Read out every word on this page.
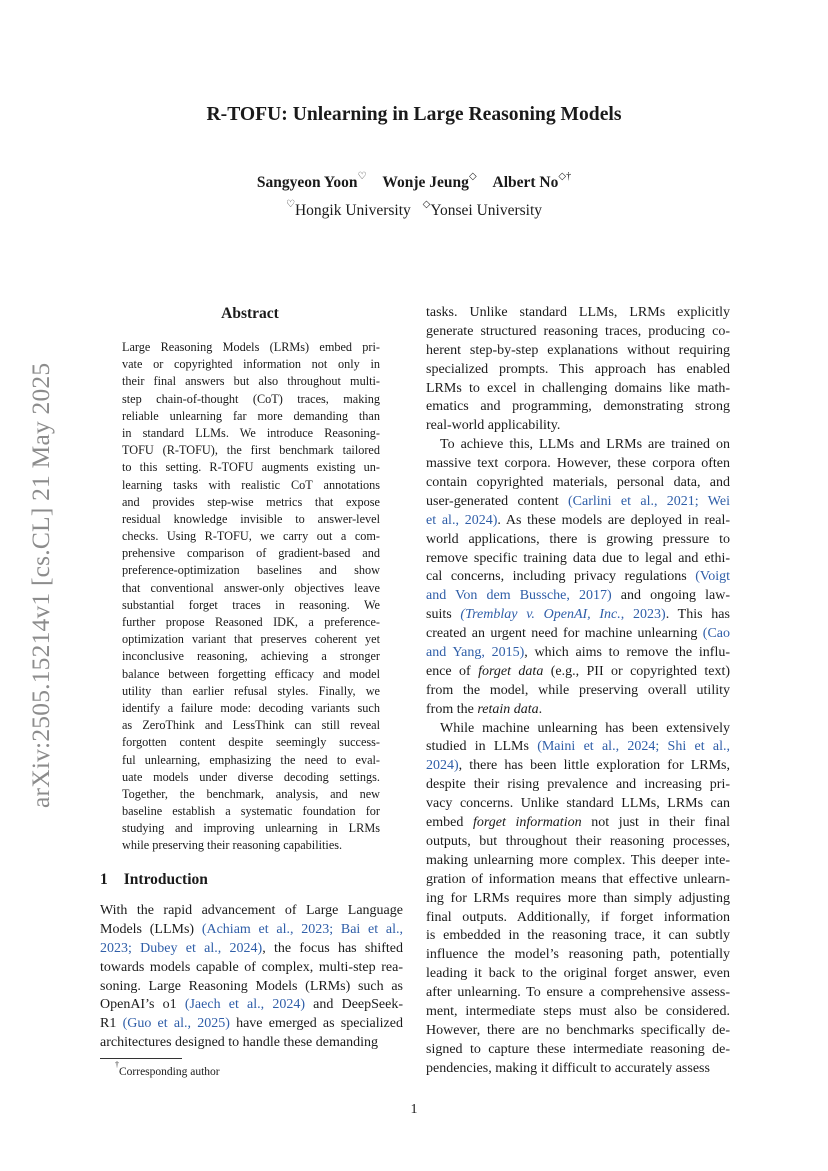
arXiv:2505.15214v1 [cs.CL] 21 May 2025
R-TOFU: Unlearning in Large Reasoning Models
Sangyeon Yoon♡ Wonje Jeung◇ Albert No◇†
♡Hongik University ◇Yonsei University
Abstract
Large Reasoning Models (LRMs) embed pri-
vate or copyrighted information not only in
their final answers but also throughout multi-
step chain-of-thought (CoT) traces, making
reliable unlearning far more demanding than
in standard LLMs. We introduce Reasoning-
TOFU (R-TOFU), the first benchmark tailored
to this setting. R-TOFU augments existing un-
learning tasks with realistic CoT annotations
and provides step-wise metrics that expose
residual knowledge invisible to answer-level
checks. Using R-TOFU, we carry out a com-
prehensive comparison of gradient-based and
preference-optimization baselines and show
that conventional answer-only objectives leave
substantial forget traces in reasoning. We
further propose Reasoned IDK, a preference-
optimization variant that preserves coherent yet
inconclusive reasoning, achieving a stronger
balance between forgetting efficacy and model
utility than earlier refusal styles. Finally, we
identify a failure mode: decoding variants such
as ZeroThink and LessThink can still reveal
forgotten content despite seemingly success-
ful unlearning, emphasizing the need to eval-
uate models under diverse decoding settings.
Together, the benchmark, analysis, and new
baseline establish a systematic foundation for
studying and improving unlearning in LRMs
while preserving their reasoning capabilities.
1 Introduction
With the rapid advancement of Large Language
Models (LLMs) (Achiam et al., 2023; Bai et al.,
2023; Dubey et al., 2024), the focus has shifted
towards models capable of complex, multi-step rea-
soning. Large Reasoning Models (LRMs) such as
OpenAI’s o1 (Jaech et al., 2024) and DeepSeek-
R1 (Guo et al., 2025) have emerged as specialized
architectures designed to handle these demanding
tasks. Unlike standard LLMs, LRMs explicitly
generate structured reasoning traces, producing co-
herent step-by-step explanations without requiring
specialized prompts. This approach has enabled
LRMs to excel in challenging domains like math-
ematics and programming, demonstrating strong
real-world applicability.
To achieve this, LLMs and LRMs are trained on
massive text corpora. However, these corpora often
contain copyrighted materials, personal data, and
user-generated content (Carlini et al., 2021; Wei
et al., 2024). As these models are deployed in real-
world applications, there is growing pressure to
remove specific training data due to legal and ethi-
cal concerns, including privacy regulations (Voigt
and Von dem Bussche, 2017) and ongoing law-
suits (Tremblay v. OpenAI, Inc., 2023). This has
created an urgent need for machine unlearning (Cao
and Yang, 2015), which aims to remove the influ-
ence of forget data (e.g., PII or copyrighted text)
from the model, while preserving overall utility
from the retain data.
While machine unlearning has been extensively
studied in LLMs (Maini et al., 2024; Shi et al.,
2024), there has been little exploration for LRMs,
despite their rising prevalence and increasing pri-
vacy concerns. Unlike standard LLMs, LRMs can
embed forget information not just in their final
outputs, but throughout their reasoning processes,
making unlearning more complex. This deeper inte-
gration of information means that effective unlearn-
ing for LRMs requires more than simply adjusting
final outputs. Additionally, if forget information
is embedded in the reasoning trace, it can subtly
influence the model’s reasoning path, potentially
leading it back to the original forget answer, even
after unlearning. To ensure a comprehensive assess-
ment, intermediate steps must also be considered.
However, there are no benchmarks specifically de-
signed to capture these intermediate reasoning de-
pendencies, making it difficult to accurately assess
†Corresponding author
1
